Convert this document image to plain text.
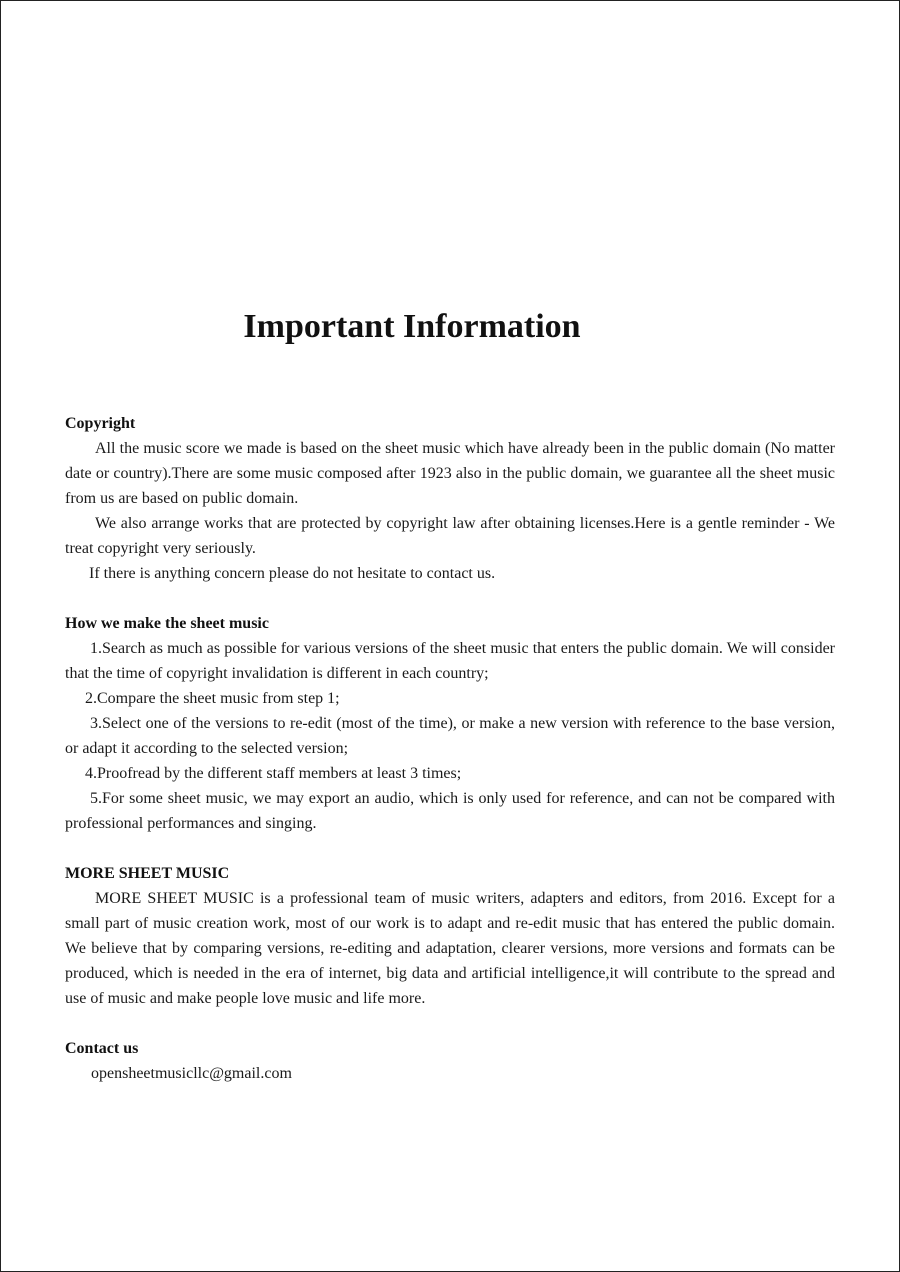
Important Information

Copyright

All the music score we made is based on the sheet music which have already been in the public domain (No matter date or country).There are some music composed after 1923 also in the public domain, we guarantee all the sheet music from us are based on public domain.

We also arrange works that are protected by copyright law after obtaining licenses.Here is a gentle reminder - We treat copyright very seriously.

If there is anything concern please do not hesitate to contact us.

How we make the sheet music

1.Search as much as possible for various versions of the sheet music that enters the public domain. We will consider that the time of copyright invalidation is different in each country;

2.Compare the sheet music from step 1;

3.Select one of the versions to re-edit (most of the time), or make a new version with reference to the base version, or adapt it according to the selected version;

4.Proofread by the different staff members at least 3 times;

5.For some sheet music, we may export an audio, which is only used for reference, and can not be compared with professional performances and singing.

MORE SHEET MUSIC

MORE SHEET MUSIC is a professional team of music writers, adapters and editors, from 2016. Except for a small part of music creation work, most of our work is to adapt and re-edit music that has entered the public domain. We believe that by comparing versions, re-editing and adaptation, clearer versions, more versions and formats can be produced, which is needed in the era of internet, big data and artificial intelligence,it will contribute to the spread and use of music and make people love music and life more.

Contact us

opensheetmusicllc@gmail.com
